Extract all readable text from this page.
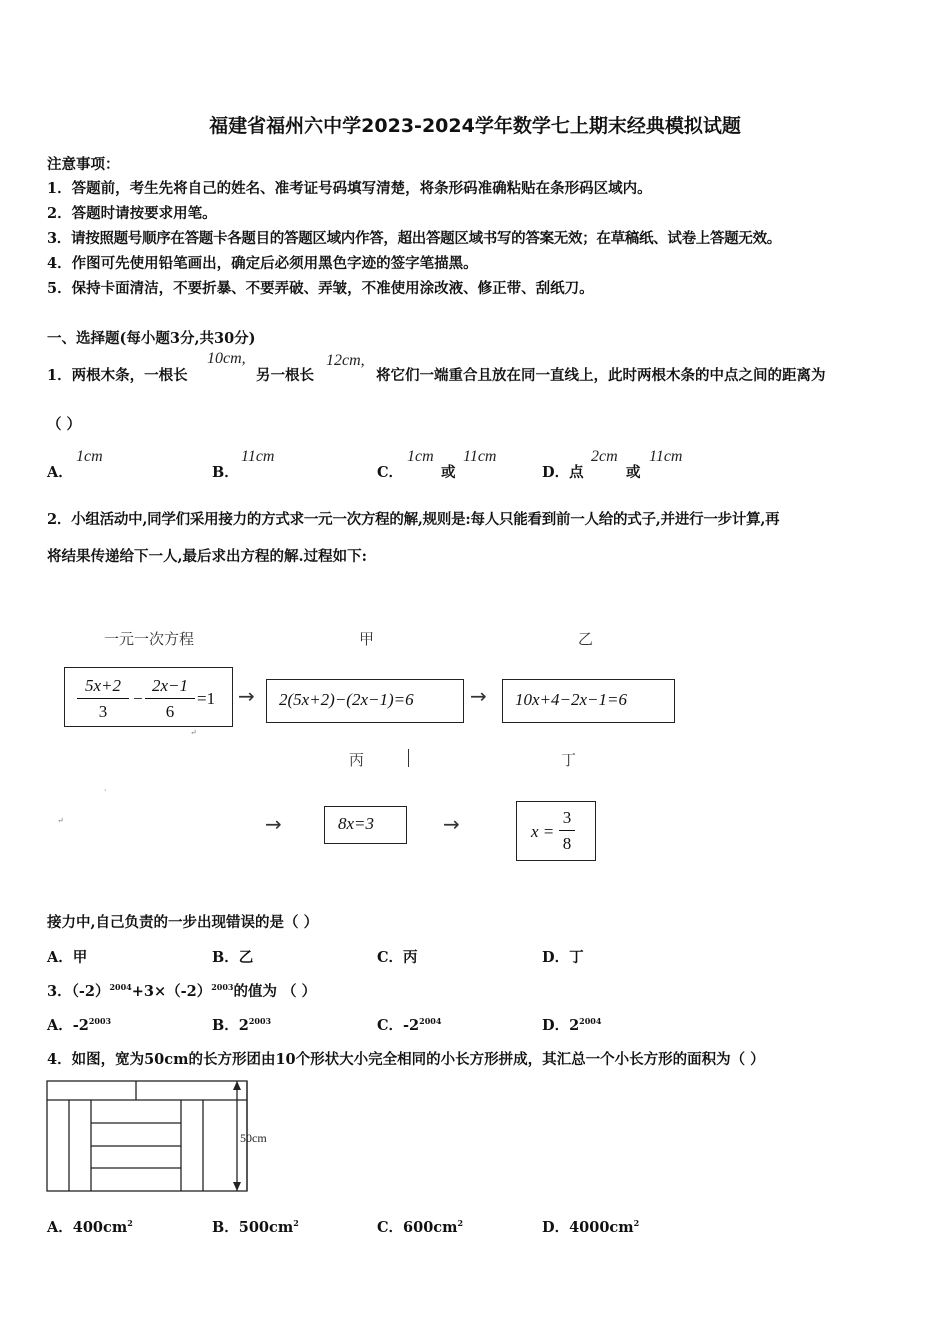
福建省福州六中学2023-2024学年数学七上期末经典模拟试题
注意事项：
1．答题前，考生先将自己的姓名、准考证号码填写清楚，将条形码准确粘贴在条形码区域内。
2．答题时请按要求用笔。
3．请按照题号顺序在答题卡各题目的答题区域内作答，超出答题区域书写的答案无效；在草稿纸、试卷上答题无效。
4．作图可先使用铅笔画出，确定后必须用黑色字迹的签字笔描黑。
5．保持卡面清洁，不要折暴、不要弄破、弄皱，不准使用涂改液、修正带、刮纸刀。
一、选择题(每小题3分,共30分)
1．两根木条，一根长
10cm,
另一根长
12cm,
将它们一端重合且放在同一直线上，此时两根木条的中点之间的距离为
（ ）
A．
1cm
B．
11cm
C．
1cm
或
11cm
D．点
2cm
或
11cm
2．小组活动中,同学们采用接力的方式求一元一次方程的解,规则是:每人只能看到前一人给的式子,并进行一步计算,再
将结果传递给下一人,最后求出方程的解.过程如下:
一元一次方程	甲	乙
丙	丁
5x+2
3
−
2x−1
6
=1
↵
→ 2(5x+2)−(2x−1)=6	→ 10x+4−2x−1=6
·
↵	→	8x=3	→	x =
3
8
接力中,自己负责的一步出现错误的是（ ）
A．甲	B．乙	C．丙	D．丁
3．$(-2)^{2004}+3\times(-2)^{2003}$的值为 （ ）
A．$-2^{2003}$	B．$2^{2003}$	C．$-2^{2004}$	D．$2^{2004}$
4．如图，宽为50cm的长方形团由10个形状大小完全相同的小长方形拼成，其汇总一个小长方形的面积为（ ）
50cm
A．$400cm^2$	B．$500cm^2$	C．$600cm^2$	D．$4000cm^2$
